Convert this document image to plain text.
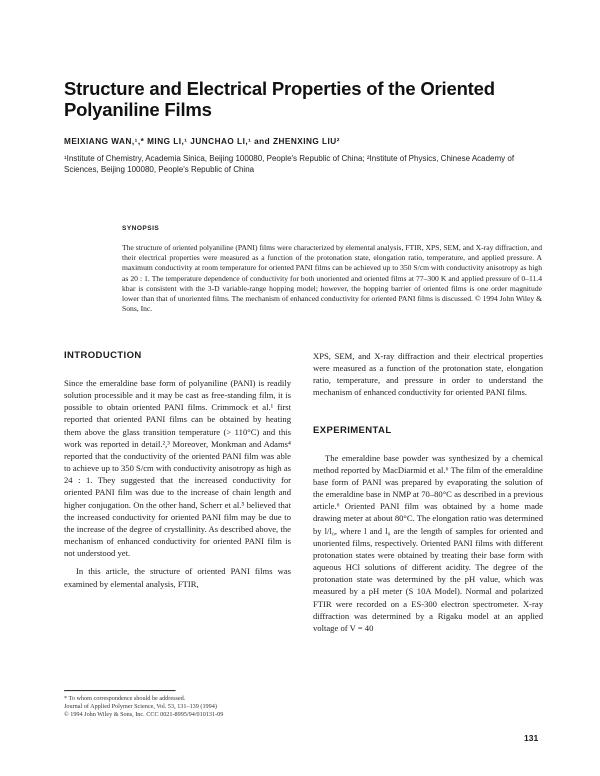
Structure and Electrical Properties of the Oriented Polyaniline Films
MEIXIANG WAN,¹,* MING LI,¹ JUNCHAO LI,¹ and ZHENXING LIU²
¹Institute of Chemistry, Academia Sinica, Beijing 100080, People's Republic of China; ²Institute of Physics, Chinese Academy of Sciences, Beijing 100080, People's Republic of China
SYNOPSIS
The structure of oriented polyaniline (PANI) films were characterized by elemental analysis, FTIR, XPS, SEM, and X-ray diffraction, and their electrical properties were measured as a function of the protonation state, elongation ratio, temperature, and applied pressure. A maximum conductivity at room temperature for oriented PANI films can be achieved up to 350 S/cm with conductivity anisotropy as high as 20 : 1. The temperature dependence of conductivity for both unoriented and oriented films at 77–300 K and applied pressure of 0–11.4 kbar is consistent with the 3-D variable-range hopping model; however, the hopping barrier of oriented films is one order magnitude lower than that of unoriented films. The mechanism of enhanced conductivity for oriented PANI films is discussed. © 1994 John Wiley & Sons, Inc.
INTRODUCTION

Since the emeraldine base form of polyaniline (PANI) is readily solution processible and it may be cast as free-standing film, it is possible to obtain oriented PANI films. Crimmock et al.¹ first reported that oriented PANI films can be obtained by heating them above the glass transition temperature (> 110°C) and this work was reported in detail.²,³ Moreover, Monkman and Adams⁴ reported that the conductivity of the oriented PANI film was able to achieve up to 350 S/cm with conductivity anisotropy as high as 24 : 1. They suggested that the increased conductivity for oriented PANI film was due to the increase of chain length and higher conjugation. On the other hand, Scherr et al.⁵ believed that the increased conductivity for oriented PANI film may be due to the increase of the degree of crystallinity. As described above, the mechanism of enhanced conductivity for oriented PANI film is not understood yet.

In this article, the structure of oriented PANI films was examined by elemental analysis, FTIR,

* To whom correspondence should be addressed.

Journal of Applied Polymer Science, Vol. 53, 131–139 (1994)

© 1994 John Wiley & Sons, Inc. CCC 0021-8995/94/010131-09

XPS, SEM, and X-ray diffraction and their electrical properties were measured as a function of the protonation state, elongation ratio, temperature, and pressure in order to understand the mechanism of enhanced conductivity for oriented PANI films.

EXPERIMENTAL

The emeraldine base powder was synthesized by a chemical method reported by MacDiarmid et al.⁶ The film of the emeraldine base form of PANI was prepared by evaporating the solution of the emeraldine base in NMP at 70–80°C as described in a previous article.⁶ Oriented PANI film was obtained by a home made drawing meter at about 80°C. The elongation ratio was determined by l/l₀, where l and l₀ are the length of samples for oriented and unoriented films, respectively. Oriented PANI films with different protonation states were obtained by treating their base form with aqueous HCl solutions of different acidity. The degree of the protonation state was determined by the pH value, which was measured by a pH meter (S 10A Model). Normal and polarized FTIR were recorded on a ES-300 electron spectrometer. X-ray diffraction was determined by a Rigaku model at an applied voltage of V = 40

131
